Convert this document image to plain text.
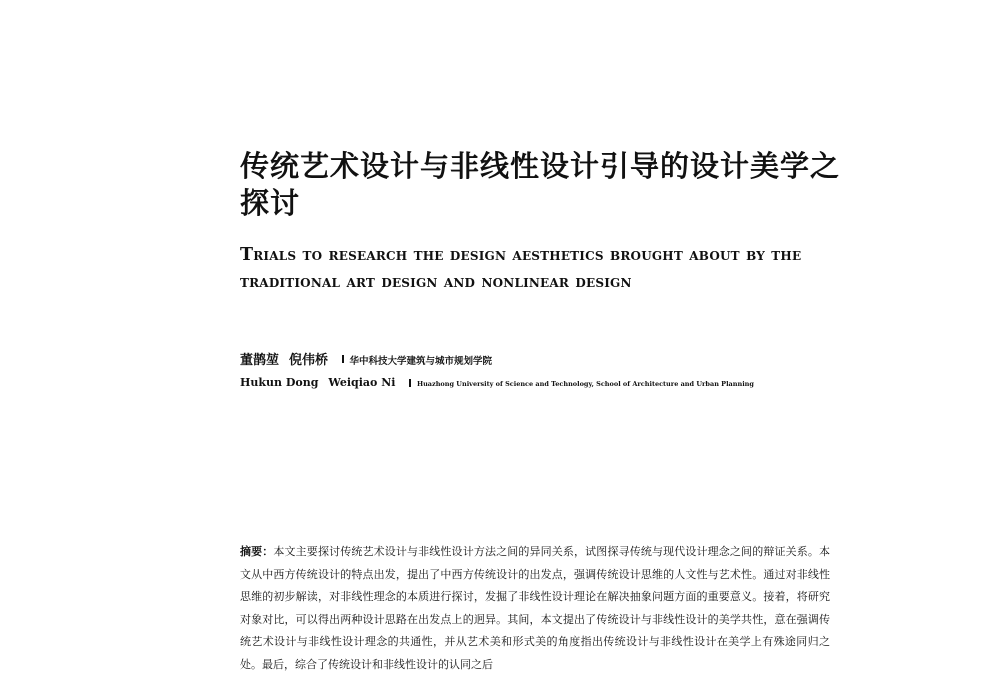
传统艺术设计与非线性设计引导的设计美学之探讨
Trials to research the design aesthetics brought about by the traditional art design and nonlinear design
董鹊堃 倪伟桥 华中科技大学建筑与城市规划学院
Hukun Dong Weiqiao Ni	Huazhong University of Science and Technology, School of Architecture and Urban Planning

摘要：本文主要探讨传统艺术设计与非线性设计方法之间的异同关系，试图探寻传统与现代设计理念之间的辩证关系。本文从中西方传统设计的特点出发，提出了中西方传统设计的出发点，强调传统设计思维的人文性与艺术性。通过对非线性思维的初步解读，对非线性理念的本质进行探讨，发掘了非线性设计理论在解决抽象问题方面的重要意义。接着，将研究对象对比，可以得出两种设计思路在出发点上的迥异。其间，本文提出了传统设计与非线性设计的美学共性，意在强调传统艺术设计与非线性设计理念的共通性，并从艺术美和形式美的角度指出传统设计与非线性设计在美学上有殊途同归之处。最后，综合了传统设计和非线性设计的认同之后
